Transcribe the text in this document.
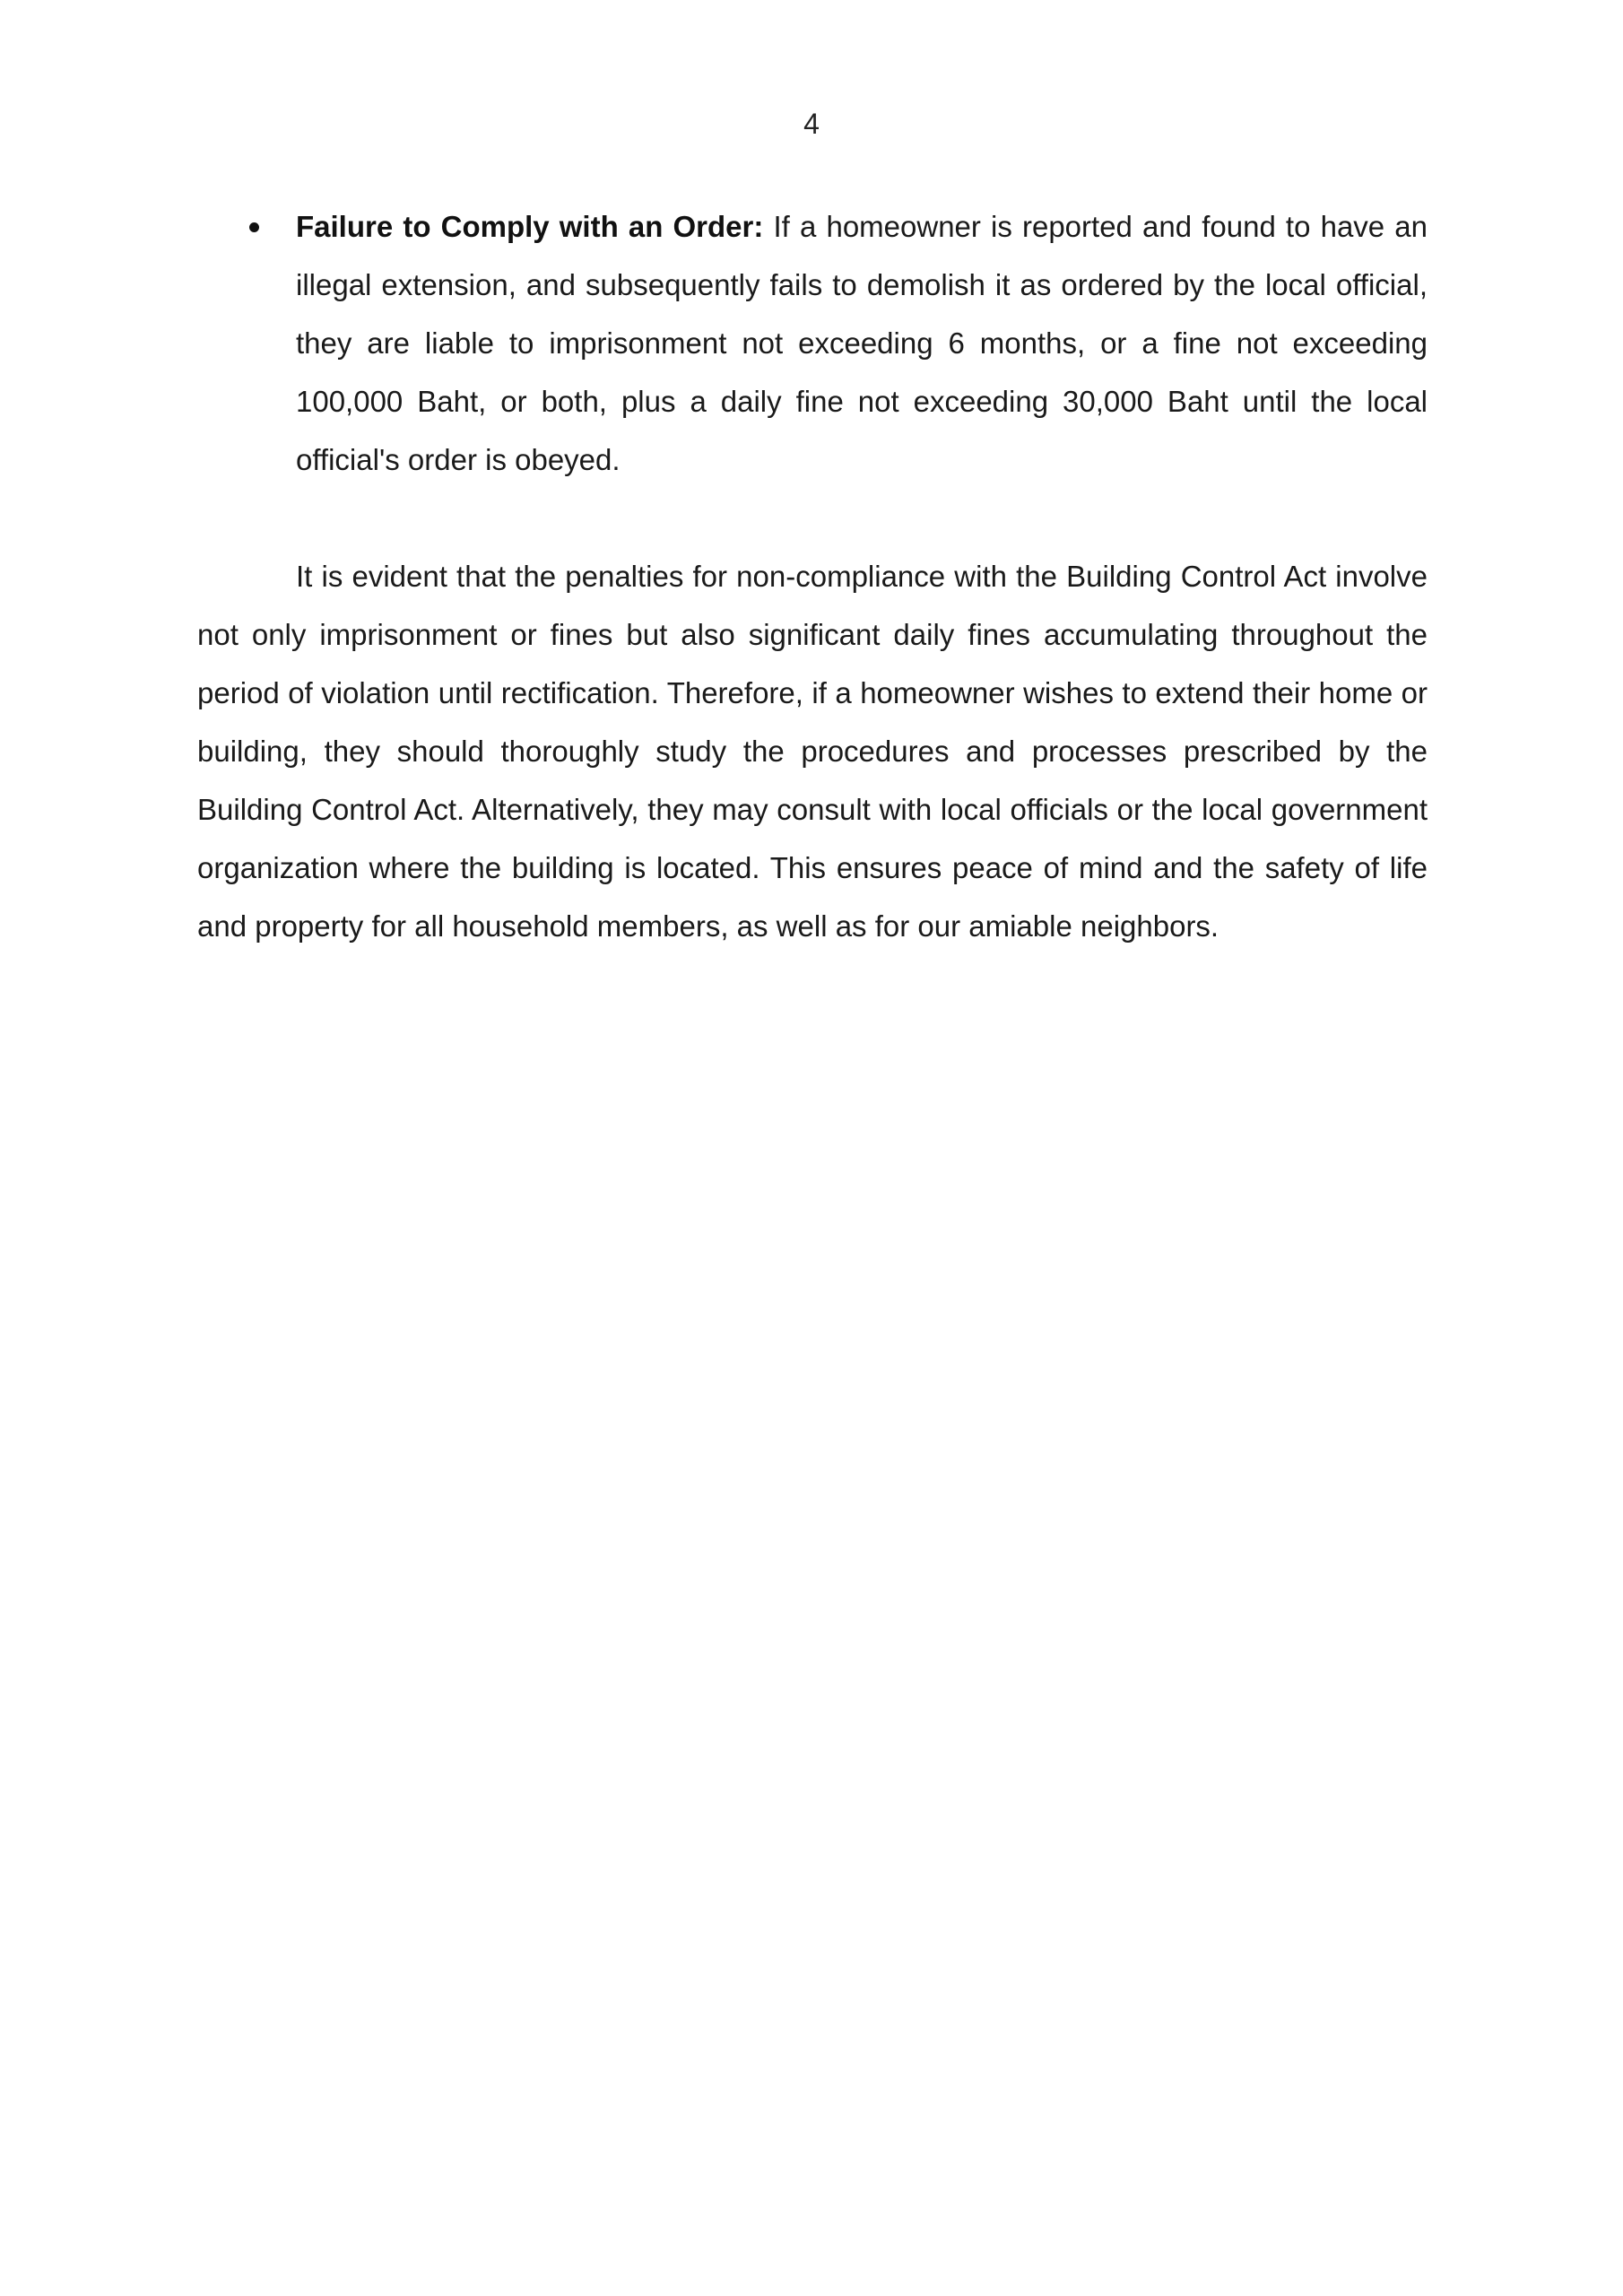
4
Failure to Comply with an Order: If a homeowner is reported and found to have an illegal extension, and subsequently fails to demolish it as ordered by the local official, they are liable to imprisonment not exceeding 6 months, or a fine not exceeding 100,000 Baht, or both, plus a daily fine not exceeding 30,000 Baht until the local official's order is obeyed.

It is evident that the penalties for non-compliance with the Building Control Act involve not only imprisonment or fines but also significant daily fines accumulating throughout the period of violation until rectification. Therefore, if a homeowner wishes to extend their home or building, they should thoroughly study the procedures and processes prescribed by the Building Control Act. Alternatively, they may consult with local officials or the local government organization where the building is located. This ensures peace of mind and the safety of life and property for all household members, as well as for our amiable neighbors.
